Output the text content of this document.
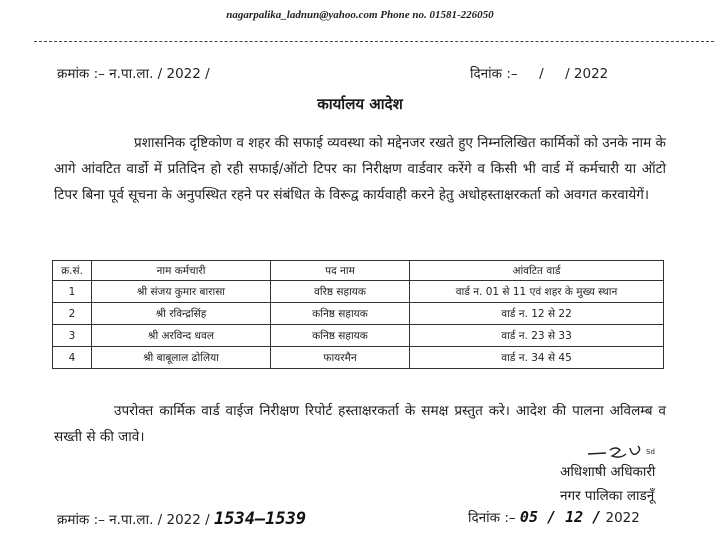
nagarpalika_ladnun@yahoo.com Phone no. 01581-226050
क्रमांक :– न.पा.ला. / 2022 /	दिनांक :–     /     / 2022
कार्यालय आदेश
प्रशासनिक दृष्टिकोण व शहर की सफाई व्यवस्था को मद्देनजर रखते हुए निम्नलिखित कार्मिकों को उनके नाम के आगे आंवटित वार्डो में प्रतिदिन हो रही सफाई/ऑटो टिपर का निरीक्षण वार्डवार करेंगे व किसी भी वार्ड में कर्मचारी या ऑटो टिपर बिना पूर्व सूचना के अनुपस्थित रहने पर संबंधित के विरूद्व कार्यवाही करने हेतु अधोहस्ताक्षरकर्ता को अवगत करवायेगें।
क्र.सं.	नाम कर्मचारी	पद नाम	आंवटित वार्ड
1	श्री संजय कुमार बारासा	वरिष्ठ सहायक	वार्ड न. 01 से 11 एवं शहर के मुख्य स्थान
2	श्री रविन्द्रसिंह	कनिष्ठ सहायक	वार्ड न. 12 से 22
3	श्री अरविन्द धवल	कनिष्ठ सहायक	वार्ड न. 23 से 33
4	श्री बाबूलाल ढोलिया	फायरमैन	वार्ड न. 34 से 45
उपरोक्त कार्मिक वार्ड वाईज निरीक्षण रिपोर्ट हस्ताक्षरकर्ता के समक्ष प्रस्तुत करे। आदेश की पालना अविलम्ब व सख्ती से की जावे।
Sd
अधिशाषी अधिकारी
नगर पालिका लाडनूँ
क्रमांक :– न.पा.ला. / 2022 / 1534–1539	दिनांक :– 05 / 12 / 2022
